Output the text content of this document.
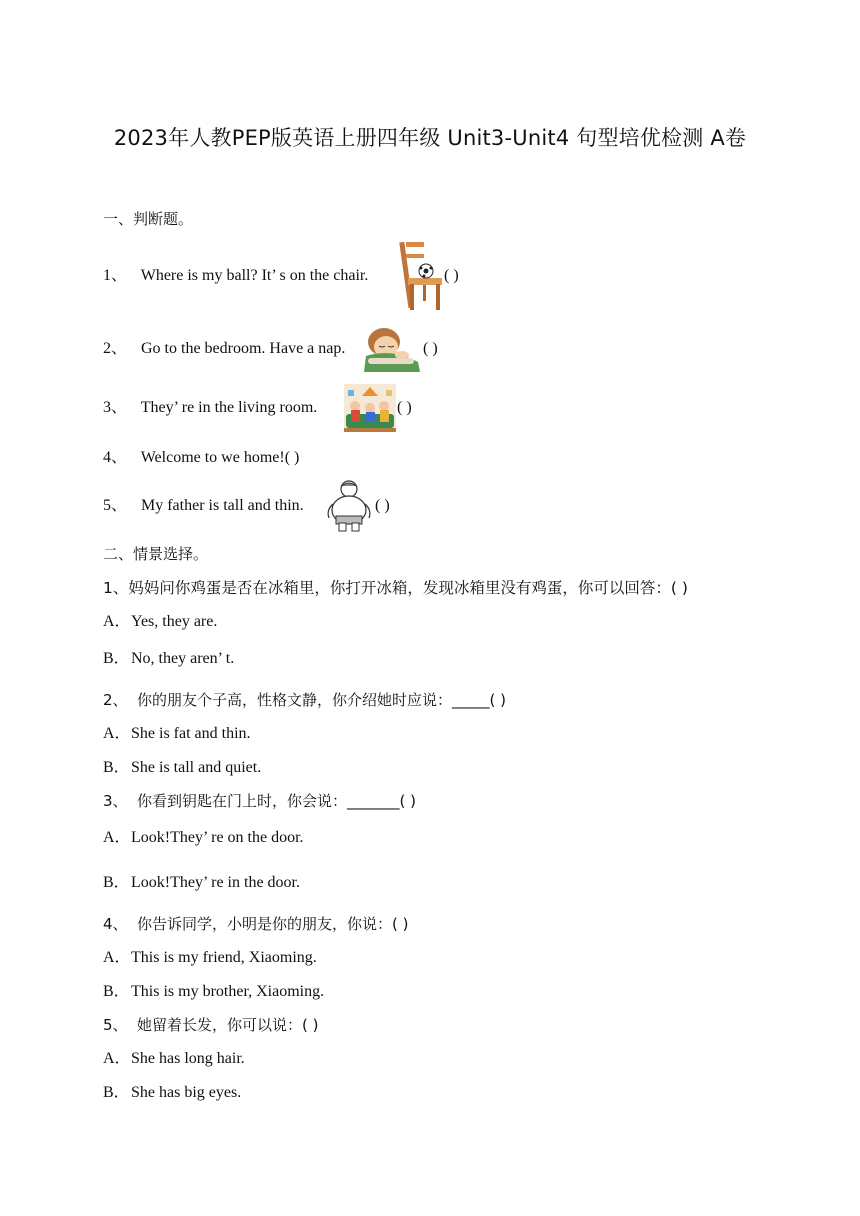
2023年人教PEP版英语上册四年级 Unit3-Unit4 句型培优检测 A卷
一、判断题。
1、 Where is my ball? It’ s on the chair.	( )
2、 Go to the bedroom. Have a nap.	( )
3、 They’ re in the living room.	( )
4、 Welcome to we home!( )
5、 My father is tall and thin.	( )
二、情景选择。
1、妈妈问你鸡蛋是否在冰箱里，你打开冰箱，发现冰箱里没有鸡蛋，你可以回答：( )
A．Yes, they are.
B．No, they aren’ t.
2、 你的朋友个子高，性格文静，你介绍她时应说：_____( )
A．She is fat and thin.
B．She is tall and quiet.
3、 你看到钥匙在门上时，你会说：_______( )
A．Look!They’ re on the door.
B．Look!They’ re in the door.
4、 你告诉同学，小明是你的朋友，你说：( )
A．This is my friend, Xiaoming.
B．This is my brother, Xiaoming.
5、 她留着长发，你可以说：( )
A．She has long hair.
B．She has big eyes.
